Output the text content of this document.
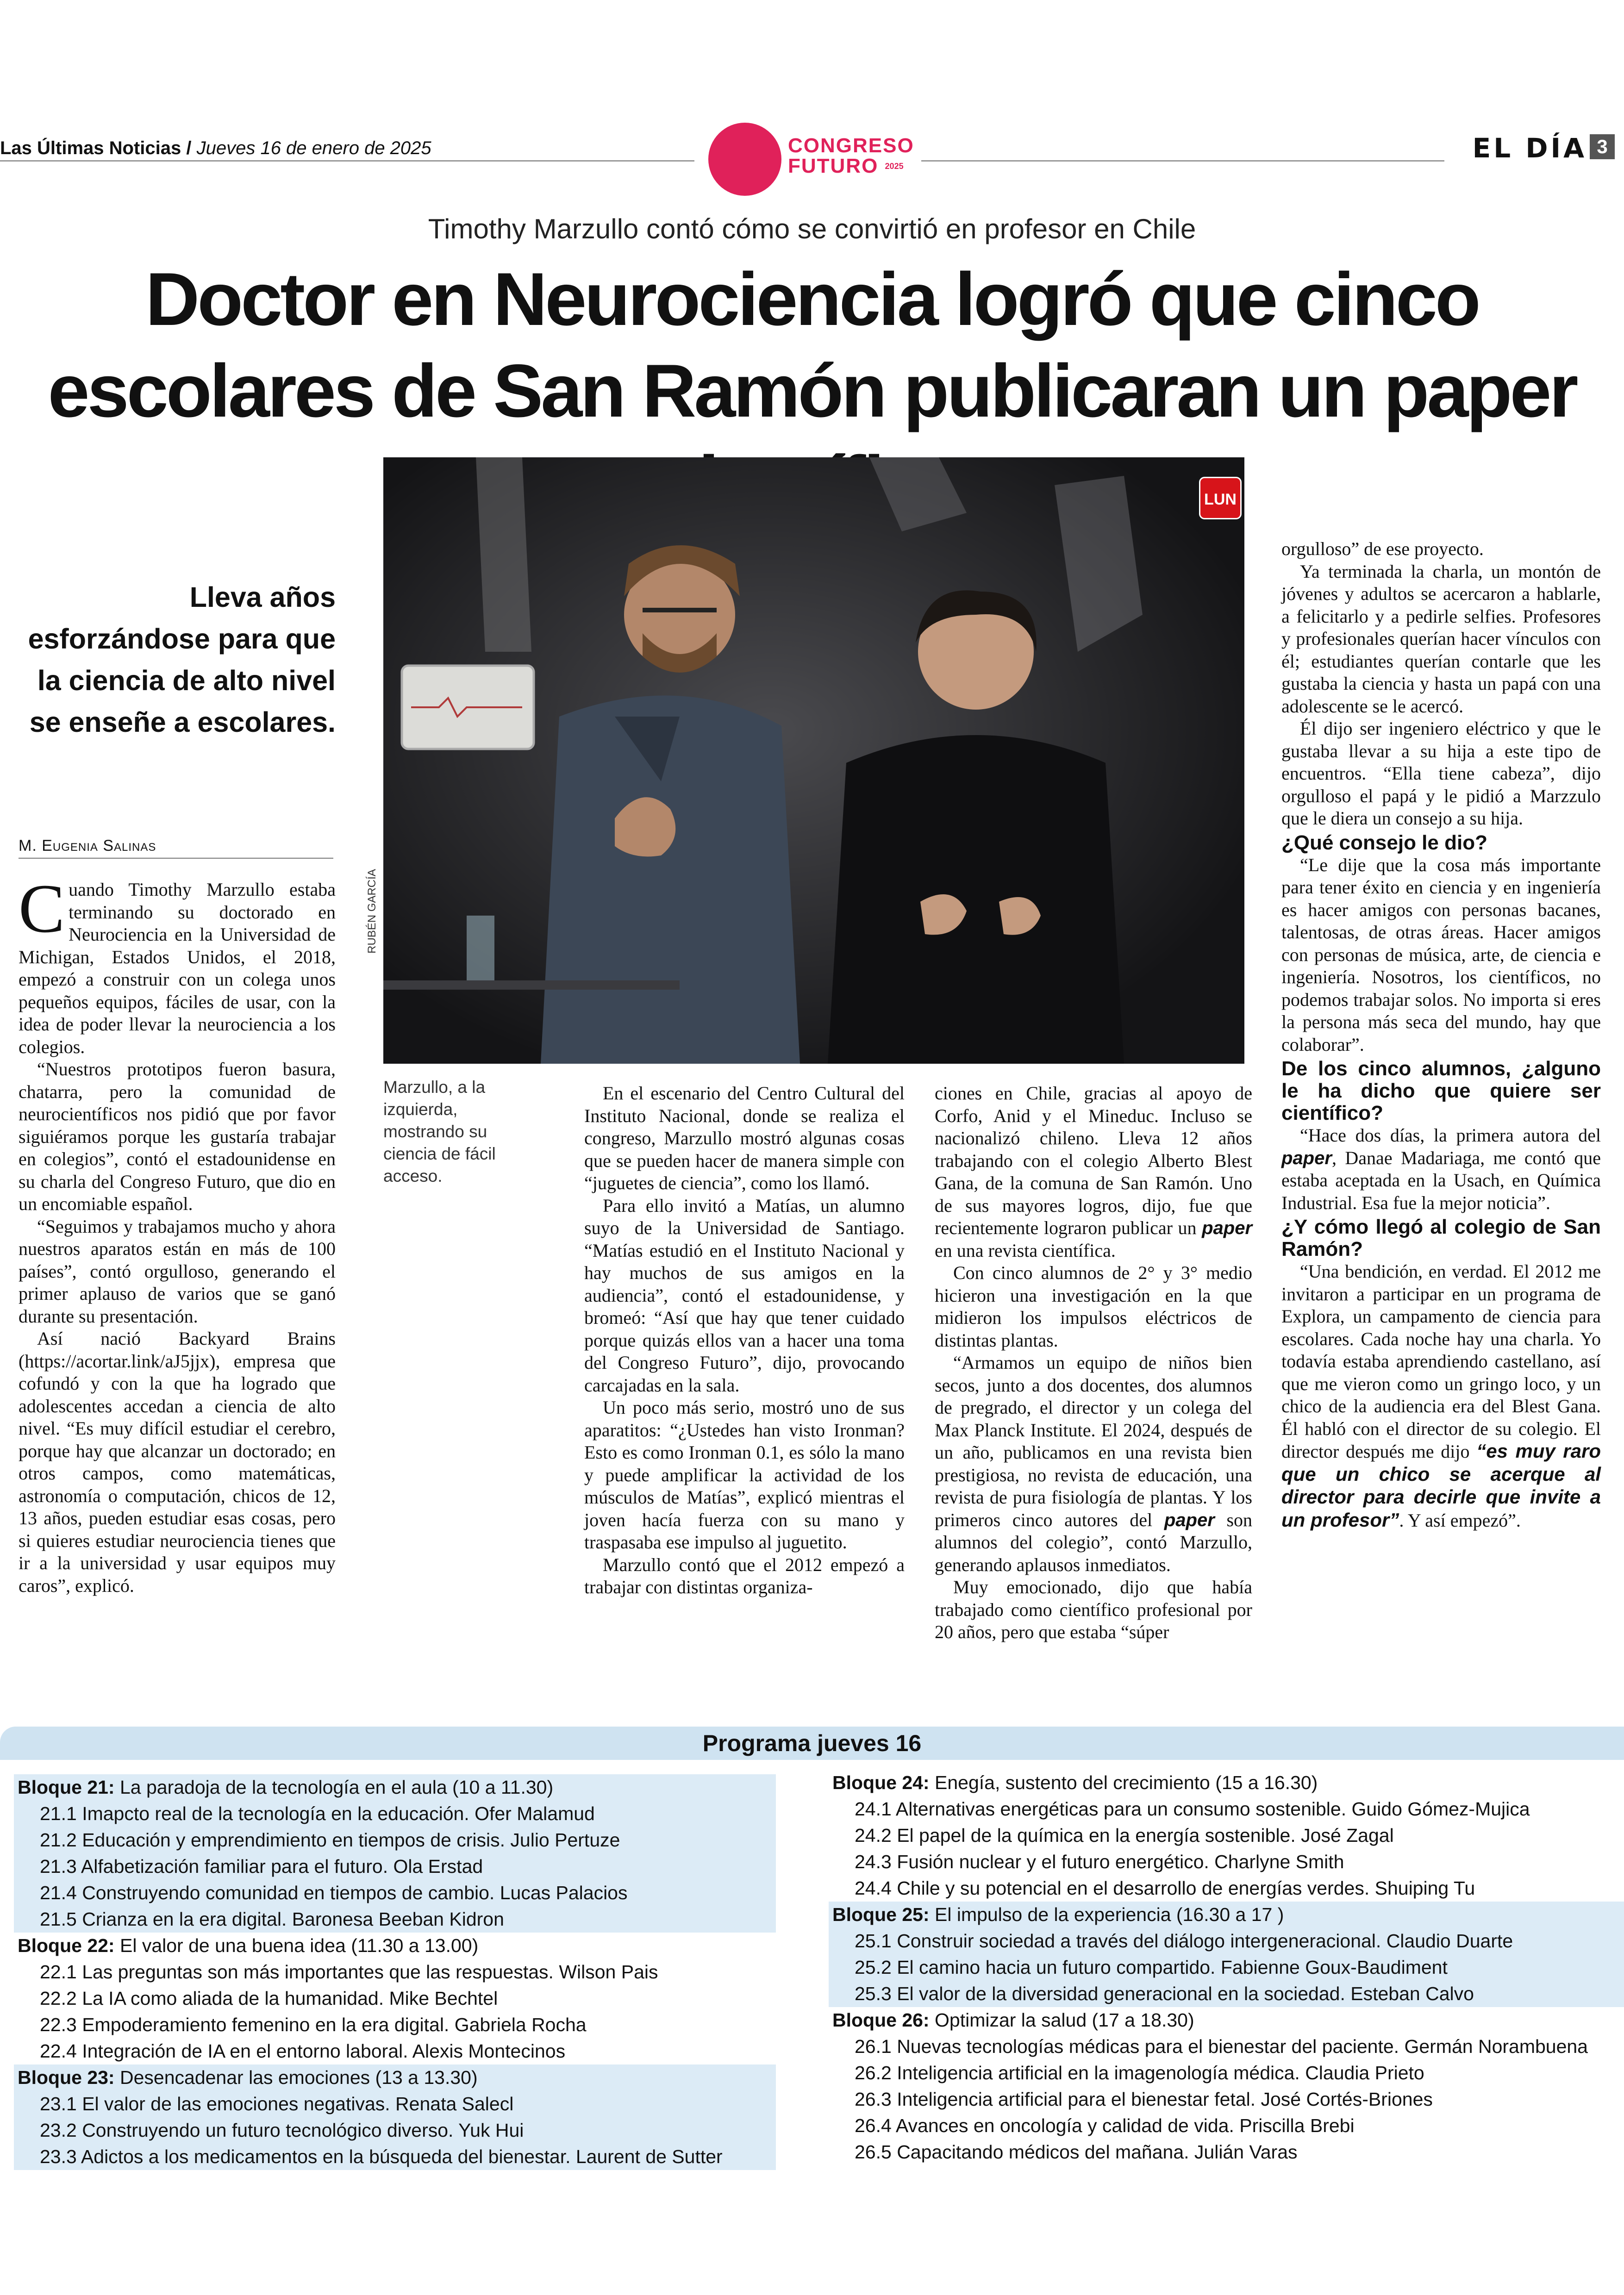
Las Últimas Noticias / Jueves 16 de enero de 2025	CONGRESO
FUTURO $^{2025}$
EL DÍA 3
Timothy Marzullo contó cómo se convirtió en profesor en Chile
Doctor en Neurociencia logró que cinco escolares de San Ramón publicaran un paper
Lleva años esforzándose para que la ciencia de alto nivel se enseñe a escolares.
M. Eugenia Salinas
LUN
RUBÉN GARCÍA
Marzullo, a la izquierda, mostrando su ciencia de fácil acceso.

Cuando Timothy Marzullo estaba terminando su doctorado en Neurociencia en la Universidad de Michigan, Estados Unidos, el 2018, empezó a construir con un colega unos pequeños equipos, fáciles de usar, con la idea de poder llevar la neurociencia a los colegios.

“Nuestros prototipos fueron basura, chatarra, pero la comunidad de neurocientíficos nos pidió que por favor siguiéramos porque les gustaría trabajar en colegios”, contó el estadounidense en su charla del Congreso Futuro, que dio en un encomiable español.

“Seguimos y trabajamos mucho y ahora nuestros aparatos están en más de 100 países”, contó orgulloso, generando el primer aplauso de varios que se ganó durante su presentación.

Así nació Backyard Brains (https://acortar.link/aJ5jjx), empresa que cofundó y con la que ha logrado que adolescentes accedan a ciencia de alto nivel. “Es muy difícil estudiar el cerebro, porque hay que alcanzar un doctorado; en otros campos, como matemáticas, astronomía o computación, chicos de 12, 13 años, pueden estudiar esas cosas, pero si quieres estudiar neurociencia tienes que ir a la universidad y usar equipos muy caros”, explicó.

En el escenario del Centro Cultural del Instituto Nacional, donde se realiza el congreso, Marzullo mostró algunas cosas que se pueden hacer de manera simple con “juguetes de ciencia”, como los llamó.

Para ello invitó a Matías, un alumno suyo de la Universidad de Santiago. “Matías estudió en el Instituto Nacional y hay muchos de sus amigos en la audiencia”, contó el estadounidense, y bromeó: “Así que hay que tener cuidado porque quizás ellos van a hacer una toma del Congreso Futuro”, dijo, provocando carcajadas en la sala.

Un poco más serio, mostró uno de sus aparatitos: “¿Ustedes han visto Ironman? Esto es como Ironman 0.1, es sólo la mano y puede amplificar la actividad de los músculos de Matías”, explicó mientras el joven hacía fuerza con su mano y traspasaba ese impulso al juguetito.

Marzullo contó que el 2012 empezó a trabajar con distintas organiza-

ciones en Chile, gracias al apoyo de Corfo, Anid y el Mineduc. Incluso se nacionalizó chileno. Lleva 12 años trabajando con el colegio Alberto Blest Gana, de la comuna de San Ramón. Uno de sus mayores logros, dijo, fue que recientemente lograron publicar un paper en una revista científica.

Con cinco alumnos de 2° y 3° medio hicieron una investigación en la que midieron los impulsos eléctricos de distintas plantas.

“Armamos un equipo de niños bien secos, junto a dos docentes, dos alumnos de pregrado, el director y un colega del Max Planck Institute. El 2024, después de un año, publicamos en una revista bien prestigiosa, no revista de educación, una revista de pura fisiología de plantas. Y los primeros cinco autores del paper son alumnos del colegio”, contó Marzullo, generando aplausos inmediatos.

Muy emocionado, dijo que había trabajado como científico profesional por 20 años, pero que estaba “súper

orgulloso” de ese proyecto.

Ya terminada la charla, un montón de jóvenes y adultos se acercaron a hablarle, a felicitarlo y a pedirle selfies. Profesores y profesionales querían hacer vínculos con él; estudiantes querían contarle que les gustaba la ciencia y hasta un papá con una adolescente se le acercó.

Él dijo ser ingeniero eléctrico y que le gustaba llevar a su hija a este tipo de encuentros. “Ella tiene cabeza”, dijo orgulloso el papá y le pidió a Marzzulo que le diera un consejo a su hija.

¿Qué consejo le dio?

“Le dije que la cosa más importante para tener éxito en ciencia y en ingeniería es hacer amigos con personas bacanes, talentosas, de otras áreas. Hacer amigos con personas de música, arte, de ciencia e ingeniería. Nosotros, los científicos, no podemos trabajar solos. No importa si eres la persona más seca del mundo, hay que colaborar”.

De los cinco alumnos, ¿alguno le ha dicho que quiere ser científico?

“Hace dos días, la primera autora del paper, Danae Madariaga, me contó que estaba aceptada en la Usach, en Química Industrial. Esa fue la mejor noticia”.

¿Y cómo llegó al colegio de San Ramón?

“Una bendición, en verdad. El 2012 me invitaron a participar en un programa de Explora, un campamento de ciencia para escolares. Cada noche hay una charla. Yo todavía estaba aprendiendo castellano, así que me vieron como un gringo loco, y un chico de la audiencia era del Blest Gana. Él habló con el director de su colegio. El director después me dijo “es muy raro que un chico se acerque al director para decirle que invite a un profesor”. Y así empezó”.

Programa jueves 16
Bloque 21: La paradoja de la tecnología en el aula (10 a 11.30)
21.1 Imapcto real de la tecnología en la educación. Ofer Malamud
21.2 Educación y emprendimiento en tiempos de crisis. Julio Pertuze
21.3 Alfabetización familiar para el futuro. Ola Erstad
21.4 Construyendo comunidad en tiempos de cambio. Lucas Palacios
21.5 Crianza en la era digital. Baronesa Beeban Kidron
Bloque 22: El valor de una buena idea (11.30 a 13.00)
22.1 Las preguntas son más importantes que las respuestas. Wilson Pais
22.2 La IA como aliada de la humanidad. Mike Bechtel
22.3 Empoderamiento femenino en la era digital. Gabriela Rocha
22.4 Integración de IA en el entorno laboral. Alexis Montecinos
Bloque 23: Desencadenar las emociones (13 a 13.30)
23.1 El valor de las emociones negativas. Renata Salecl
23.2 Construyendo un futuro tecnológico diverso. Yuk Hui
23.3 Adictos a los medicamentos en la búsqueda del bienestar. Laurent de Sutter
Bloque 24: Enegía, sustento del crecimiento (15 a 16.30)
24.1 Alternativas energéticas para un consumo sostenible. Guido Gómez-Mujica
24.2 El papel de la química en la energía sostenible. José Zagal
24.3 Fusión nuclear y el futuro energético. Charlyne Smith
24.4 Chile y su potencial en el desarrollo de energías verdes. Shuiping Tu
Bloque 25: El impulso de la experiencia (16.30 a 17 )
25.1 Construir sociedad a través del diálogo intergeneracional. Claudio Duarte
25.2 El camino hacia un futuro compartido. Fabienne Goux-Baudiment
25.3 El valor de la diversidad generacional en la sociedad. Esteban Calvo
Bloque 26: Optimizar la salud (17 a 18.30)
26.1 Nuevas tecnologías médicas para el bienestar del paciente. Germán Norambuena
26.2 Inteligencia artificial en la imagenología médica. Claudia Prieto
26.3 Inteligencia artificial para el bienestar fetal. José Cortés-Briones
26.4 Avances en oncología y calidad de vida. Priscilla Brebi
26.5 Capacitando médicos del mañana. Julián Varas
